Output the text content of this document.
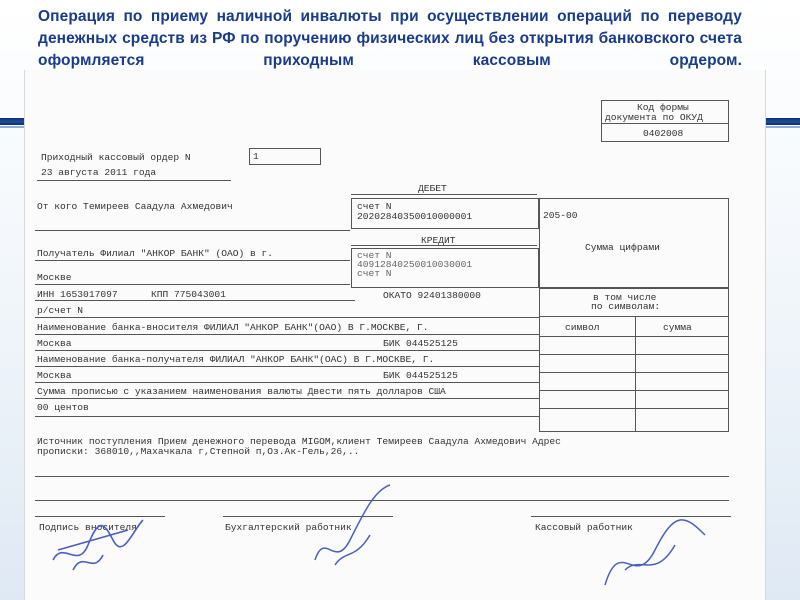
Операция по приему наличной инвалюты при осуществлении операций по переводу денежных средств из РФ по поручению физических лиц без открытия банковского счета оформляется приходным кассовым ордером.
Код формы
документа по ОКУД
0402008
Приходный кассовый ордер N	1
23 августа 2011 года
ДЕБЕТ
От кого Темиреев Саадула Ахмедович	счет N
20202840350010000001	205-00
Сумма цифрами
КРЕДИТ
Получатель Филиал "АНКОР БАНК" (ОАО) в г.
Москве
счет N
40912840250010030001
счет N
ИНН 1653017097	КПП 775043001	ОКАТО 92401380000
р/счет N
Наименование банка-вносителя ФИЛИАЛ "АНКОР БАНК"(ОАО) В Г.МОСКВЕ, Г.
Москва	БИК 044525125
Наименование банка-получателя ФИЛИАЛ "АНКОР БАНК"(ОАС) В Г.МОСКВЕ, Г.
Москва	БИК 044525125
Сумма прописью с указанием наименования валюты Двести пять долларов США
00 центов
в том числе
по символам:
символ	сумма
Источник поступления Прием денежного перевода MIGOM,клиент Темиреев Саадула Ахмедович Адрес
прописки: 368010,,Махачкала г,Степной п,Оз.Ак-Гель,26,..
Подпись вносителя	Бухгалтерский работник	Кассовый работник
